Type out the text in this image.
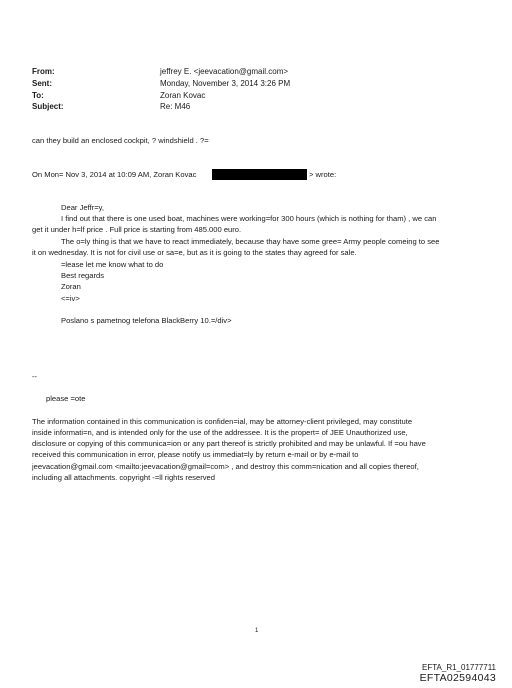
From:	jeffrey E. <jeevacation@gmail.com>
Sent:	Monday, November 3, 2014 3:26 PM
To:	Zoran Kovac
Subject:	Re: M46
can they build an enclosed cockpit, ? windshield . ?=
On Mon= Nov 3, 2014 at 10:09 AM, Zoran Kovac	> wrote:
Dear Jeffr=y,
I find out that there is one used boat, machines were working=for 300 hours (which is nothing for tham) , we can
get it under h=lf price . Full price is starting from 485.000 euro.
The o=ly thing is that we have to react immediately, because thay have some gree= Army people comeing to see
it on wednesday. It is not for civil use or sa=e, but as it is going to the states thay agreed for sale.
=lease let me know what to do
Best regards
Zoran
<=iv>
Poslano s pametnog telefona BlackBerry 10.=/div>
--
please =ote
The information contained in this communication is confiden=ial, may be attorney-client privileged, may constitute
inside informati=n, and is intended only for the use of the addressee. It is the propert= of JEE Unauthorized use,
disclosure or copying of this communica=ion or any part thereof is strictly prohibited and may be unlawful. If =ou have
received this communication in error, please notify us immediat=ly by return e-mail or by e-mail to
jeevacation@gmail.com <mailto:jeevacation@gmail=com> , and destroy this comm=nication and all copies thereof,
including all attachments. copyright -=ll rights reserved
1
EFTA_R1_01777711
EFTA02594043
